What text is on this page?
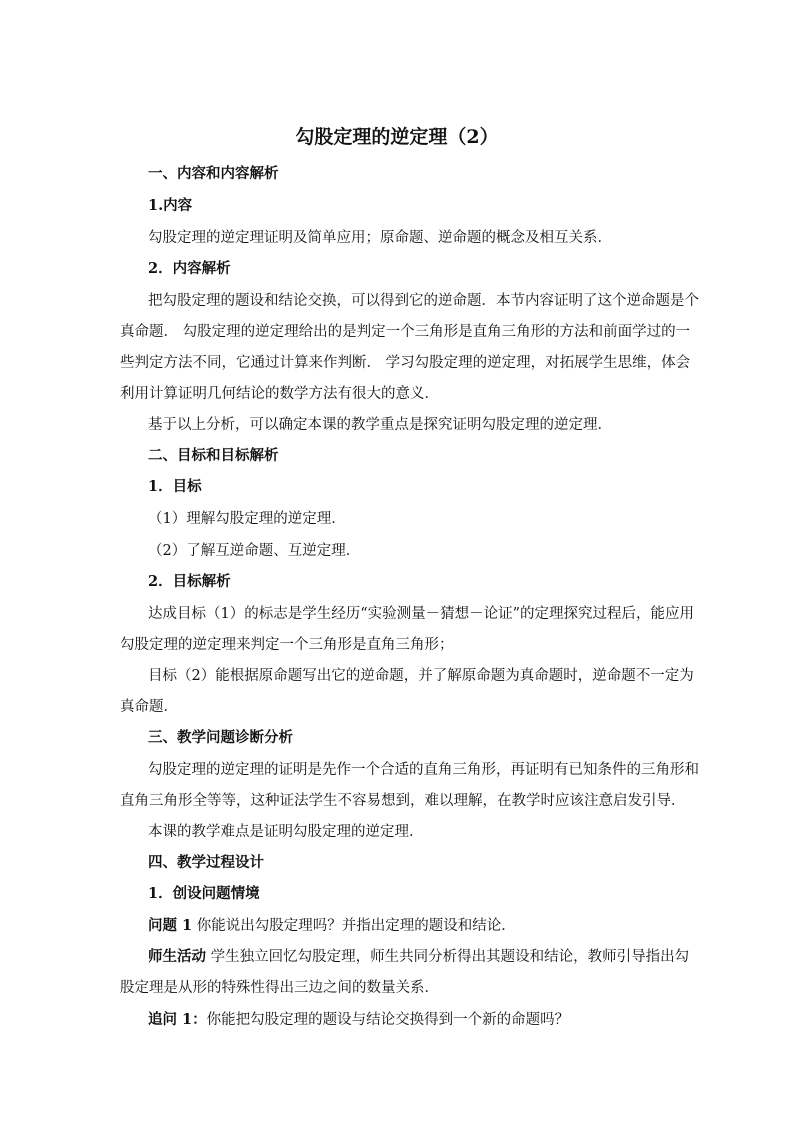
勾股定理的逆定理（2）
一、内容和内容解析
1.内容
勾股定理的逆定理证明及简单应用；原命题、逆命题的概念及相互关系．
2．内容解析
把勾股定理的题设和结论交换，可以得到它的逆命题．本节内容证明了这个逆命题是个
真命题． 勾股定理的逆定理给出的是判定一个三角形是直角三角形的方法和前面学过的一
些判定方法不同，它通过计算来作判断． 学习勾股定理的逆定理，对拓展学生思维，体会
利用计算证明几何结论的数学方法有很大的意义．
基于以上分析，可以确定本课的教学重点是探究证明勾股定理的逆定理．
二、目标和目标解析
1．目标
（1）理解勾股定理的逆定理．
（2）了解互逆命题、互逆定理．
2．目标解析
达成目标（1）的标志是学生经历“实验测量－猜想－论证”的定理探究过程后，能应用
勾股定理的逆定理来判定一个三角形是直角三角形；
目标（2）能根据原命题写出它的逆命题，并了解原命题为真命题时，逆命题不一定为
真命题．
三、教学问题诊断分析
勾股定理的逆定理的证明是先作一个合适的直角三角形，再证明有已知条件的三角形和
直角三角形全等等，这种证法学生不容易想到，难以理解，在教学时应该注意启发引导．
本课的教学难点是证明勾股定理的逆定理．
四、教学过程设计
1．创设问题情境
问题 1 你能说出勾股定理吗？并指出定理的题设和结论．
师生活动 学生独立回忆勾股定理，师生共同分析得出其题设和结论，教师引导指出勾
股定理是从形的特殊性得出三边之间的数量关系．
追问 1：你能把勾股定理的题设与结论交换得到一个新的命题吗？
